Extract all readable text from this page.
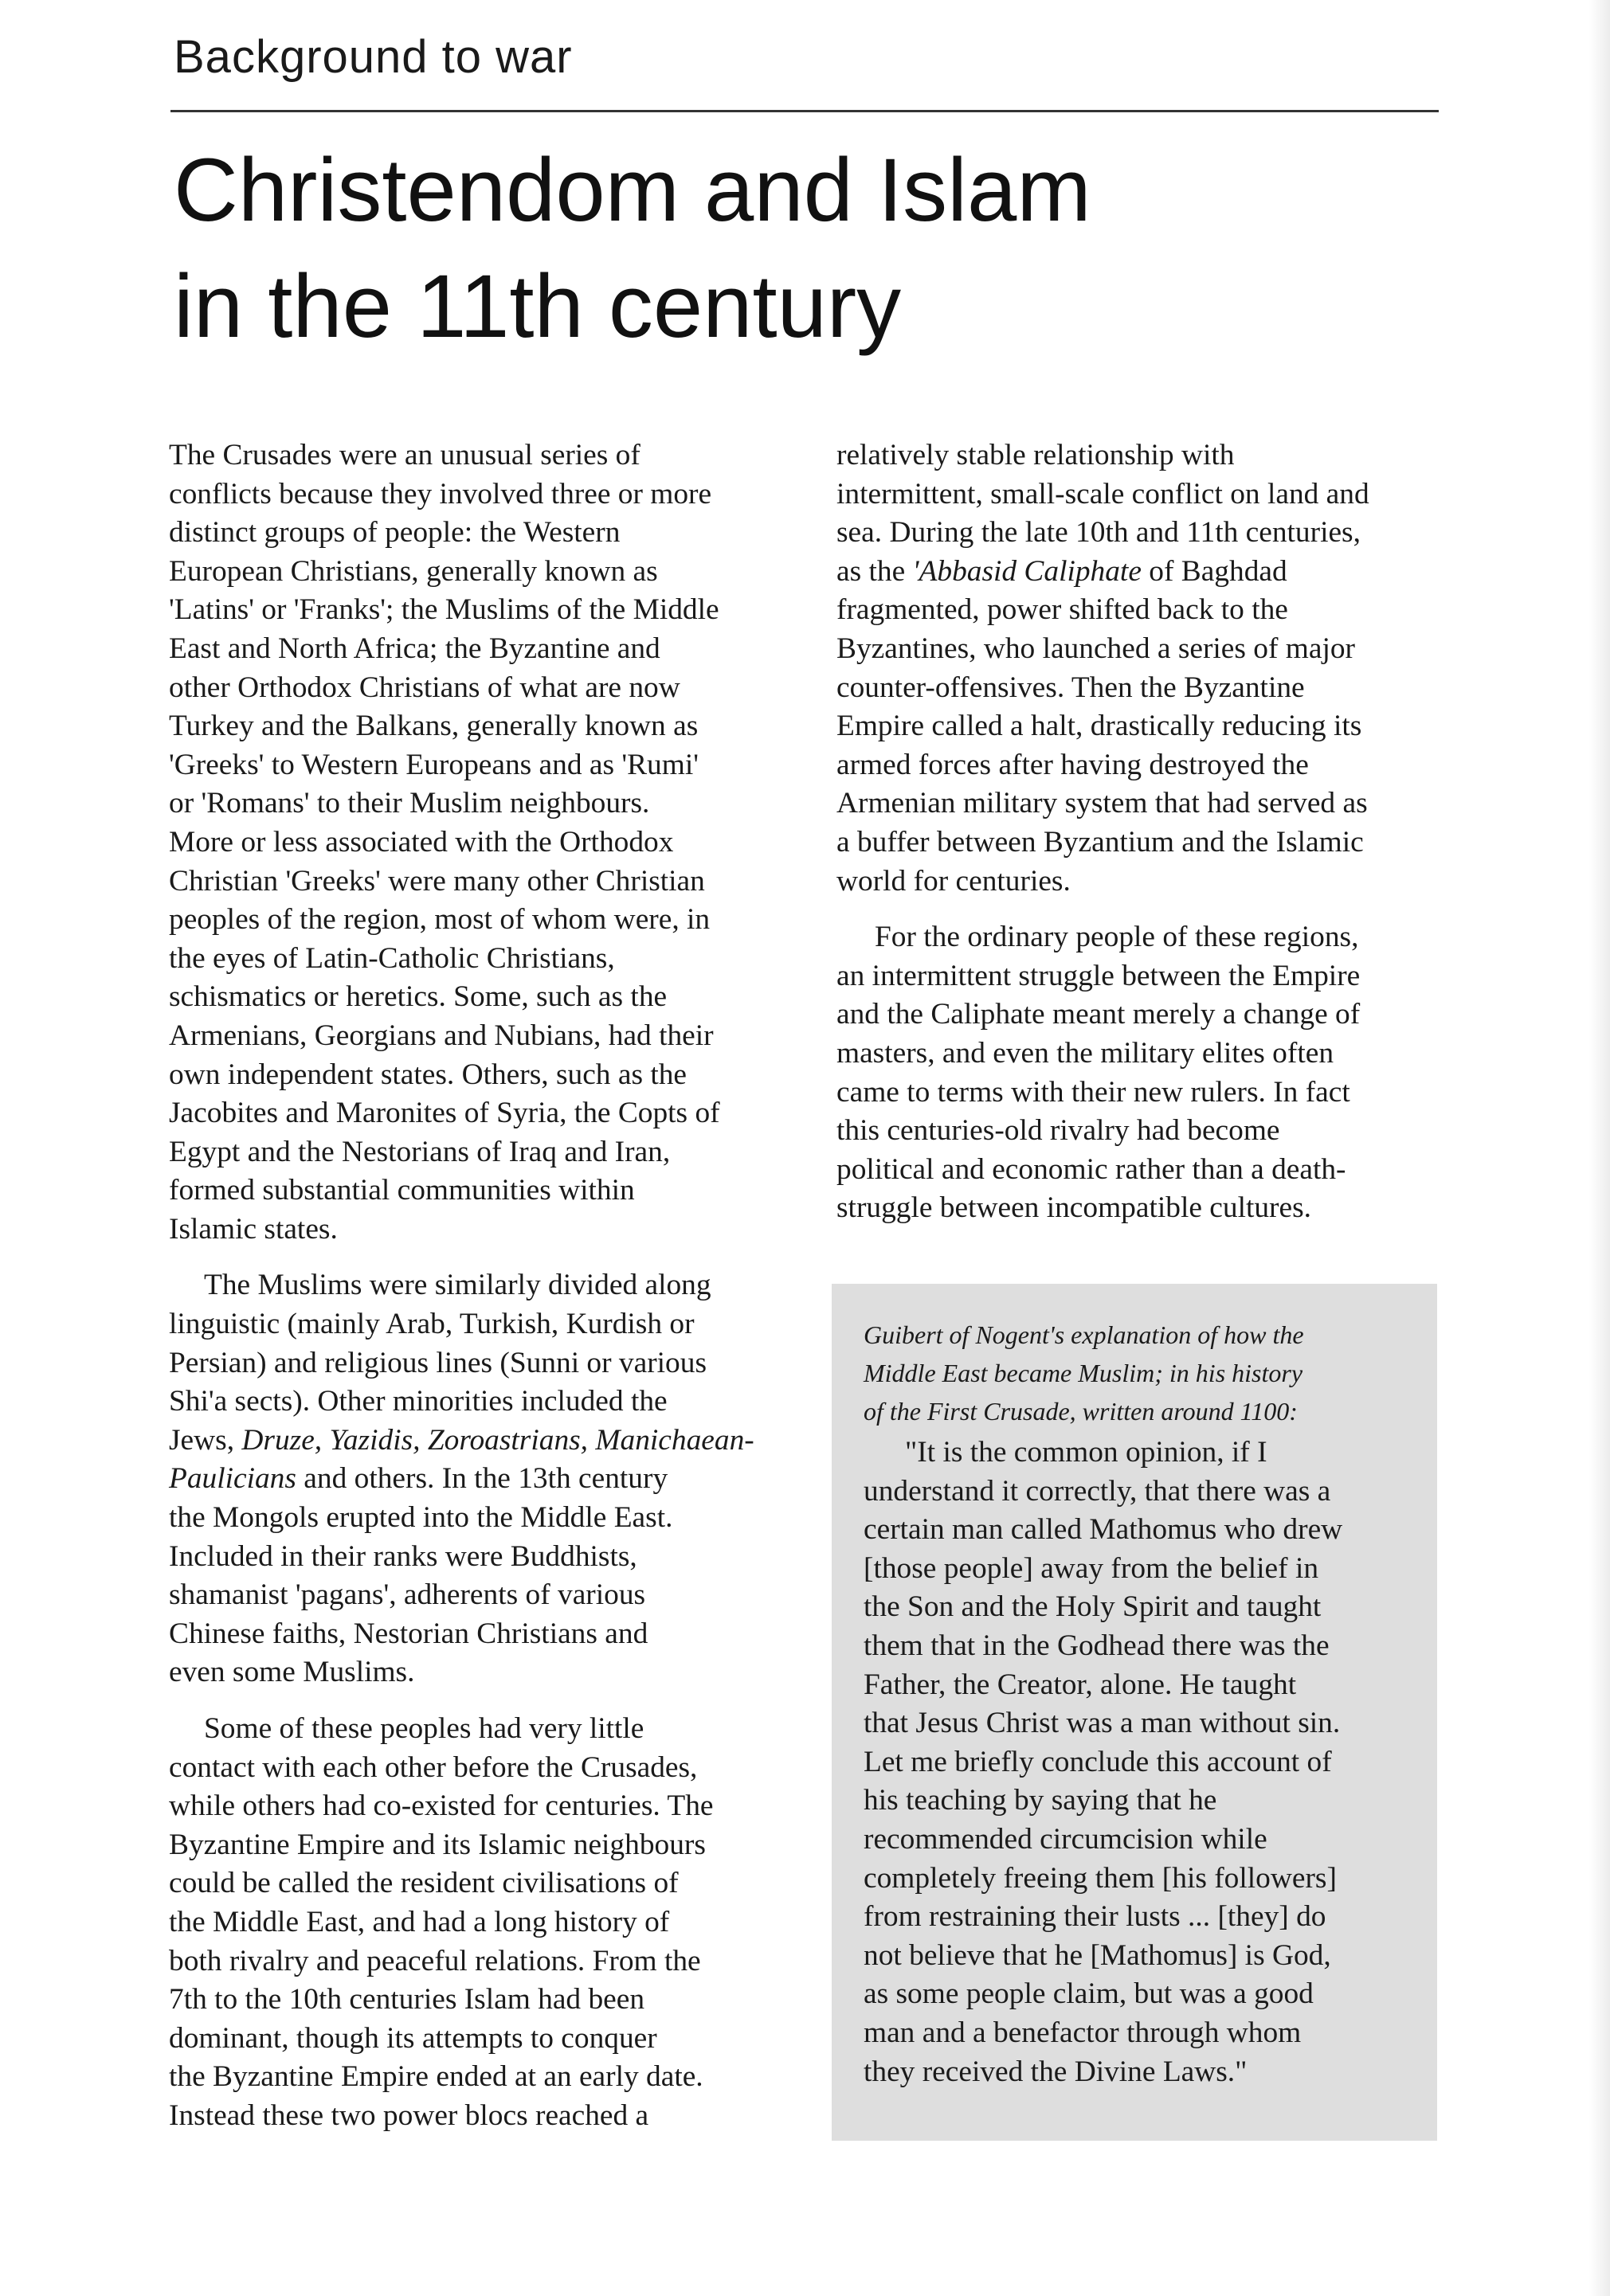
Background to war
Christendom and Islam
in the 11th century

The Crusades were an unusual series of
conflicts because they involved three or more
distinct groups of people: the Western
European Christians, generally known as
'Latins' or 'Franks'; the Muslims of the Middle
East and North Africa; the Byzantine and
other Orthodox Christians of what are now
Turkey and the Balkans, generally known as
'Greeks' to Western Europeans and as 'Rumi'
or 'Romans' to their Muslim neighbours.
More or less associated with the Orthodox
Christian 'Greeks' were many other Christian
peoples of the region, most of whom were, in
the eyes of Latin-Catholic Christians,
schismatics or heretics. Some, such as the
Armenians, Georgians and Nubians, had their
own independent states. Others, such as the
Jacobites and Maronites of Syria, the Copts of
Egypt and the Nestorians of Iraq and Iran,
formed substantial communities within
Islamic states.

The Muslims were similarly divided along
linguistic (mainly Arab, Turkish, Kurdish or
Persian) and religious lines (Sunni or various
Shi'a sects). Other minorities included the
Jews, Druze, Yazidis, Zoroastrians, Manichaean-
Paulicians and others. In the 13th century
the Mongols erupted into the Middle East.
Included in their ranks were Buddhists,
shamanist 'pagans', adherents of various
Chinese faiths, Nestorian Christians and
even some Muslims.

Some of these peoples had very little
contact with each other before the Crusades,
while others had co-existed for centuries. The
Byzantine Empire and its Islamic neighbours
could be called the resident civilisations of
the Middle East, and had a long history of
both rivalry and peaceful relations. From the
7th to the 10th centuries Islam had been
dominant, though its attempts to conquer
the Byzantine Empire ended at an early date.
Instead these two power blocs reached a

relatively stable relationship with
intermittent, small-scale conflict on land and
sea. During the late 10th and 11th centuries,
as the 'Abbasid Caliphate of Baghdad
fragmented, power shifted back to the
Byzantines, who launched a series of major
counter-offensives. Then the Byzantine
Empire called a halt, drastically reducing its
armed forces after having destroyed the
Armenian military system that had served as
a buffer between Byzantium and the Islamic
world for centuries.

For the ordinary people of these regions,
an intermittent struggle between the Empire
and the Caliphate meant merely a change of
masters, and even the military elites often
came to terms with their new rulers. In fact
this centuries-old rivalry had become
political and economic rather than a death-
struggle between incompatible cultures.

Guibert of Nogent's explanation of how the
Middle East became Muslim; in his history
of the First Crusade, written around 1100:

"It is the common opinion, if I
understand it correctly, that there was a
certain man called Mathomus who drew
[those people] away from the belief in
the Son and the Holy Spirit and taught
them that in the Godhead there was the
Father, the Creator, alone. He taught
that Jesus Christ was a man without sin.
Let me briefly conclude this account of
his teaching by saying that he
recommended circumcision while
completely freeing them [his followers]
from restraining their lusts ... [they] do
not believe that he [Mathomus] is God,
as some people claim, but was a good
man and a benefactor through whom
they received the Divine Laws."
